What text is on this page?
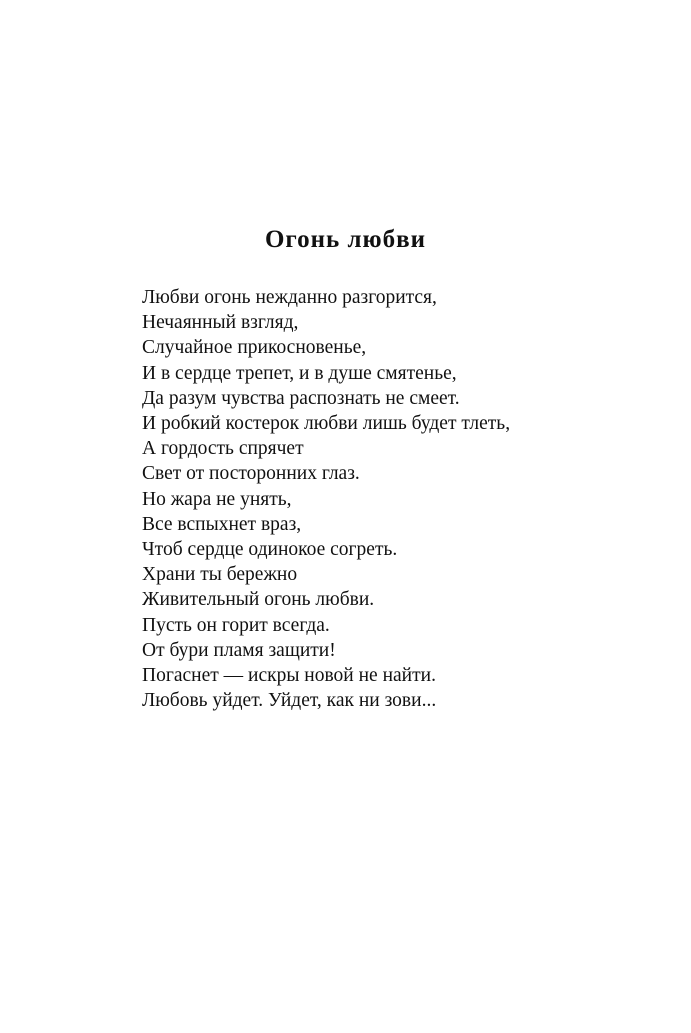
Огонь любви
Любви огонь нежданно разгорится,
Нечаянный взгляд,
Случайное прикосновенье,
И в сердце трепет, и в душе смятенье,
Да разум чувства распознать не смеет.
И робкий костерок любви лишь будет тлеть,
А гордость спрячет
Свет от посторонних глаз.
Но жара не унять,
Все вспыхнет враз,
Чтоб сердце одинокое согреть.
Храни ты бережно
Живительный огонь любви.
Пусть он горит всегда.
От бури пламя защити!
Погаснет — искры новой не найти.
Любовь уйдет. Уйдет, как ни зови...
